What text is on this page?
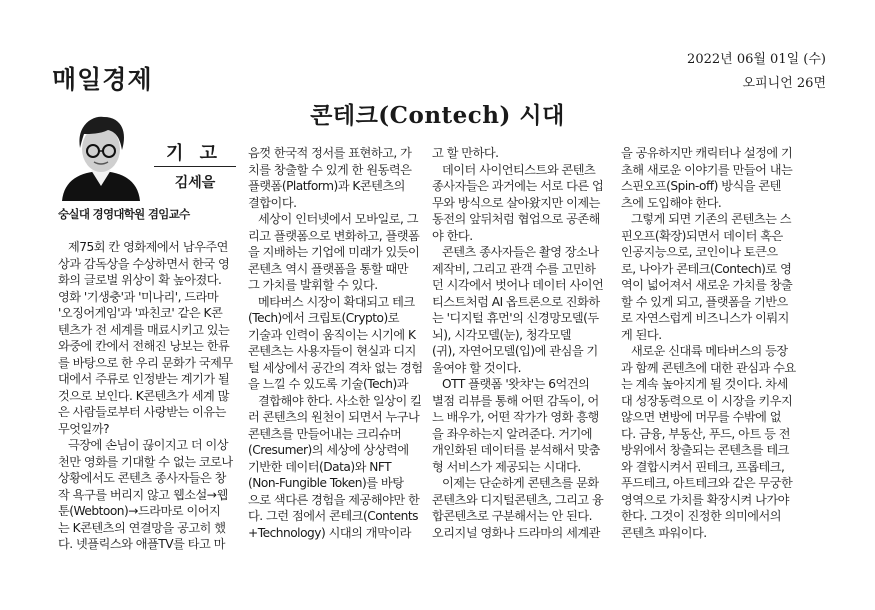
매일경제
2022년 06월 01일 (수)
오피니언 26면
콘테크(Contech) 시대
기 고
김세을
숭실대 경영대학원 겸임교수
제75회 칸 영화제에서 남우주연
상과 감독상을 수상하면서 한국 영
화의 글로벌 위상이 확 높아졌다.
영화 '기생충'과 '미나리', 드라마
'오징어게임'과 '파친코' 같은 K콘
텐츠가 전 세계를 매료시키고 있는
와중에 칸에서 전해진 낭보는 한류
를 바탕으로 한 우리 문화가 국제무
대에서 주류로 인정받는 계기가 될
것으로 보인다. K콘텐츠가 세계 많
은 사람들로부터 사랑받는 이유는
무엇일까?
극장에 손님이 끊이지고 더 이상
천만 영화를 기대할 수 없는 코로나
상황에서도 콘텐츠 종사자들은 창
작 욕구를 버리지 않고 웹소설→웹
툰(Webtoon)→드라마로 이어지
는 K콘텐츠의 연결망을 공고히 했
다. 넷플릭스와 애플TV를 타고 마
음껏 한국적 정서를 표현하고, 가
치를 창출할 수 있게 한 원동력은
플랫폼(Platform)과 K콘텐츠의
결합이다.
세상이 인터넷에서 모바일로, 그
리고 플랫폼으로 변화하고, 플랫폼
을 지배하는 기업에 미래가 있듯이
콘텐츠 역시 플랫폼을 통할 때만
그 가치를 발휘할 수 있다.
메타버스 시장이 확대되고 테크
(Tech)에서 크립토(Crypto)로
기술과 인력이 움직이는 시기에 K
콘텐츠는 사용자들이 현실과 디지
털 세상에서 공간의 격차 없는 경험
을 느낄 수 있도록 기술(Tech)과
결합해야 한다. 사소한 일상이 킬
러 콘텐츠의 원천이 되면서 누구나
콘텐츠를 만들어내는 크리슈머
(Cresumer)의 세상에 상상력에
기반한 데이터(Data)와 NFT
(Non-Fungible Token)를 바탕
으로 색다른 경험을 제공해야만 한
다. 그런 점에서 콘테크(Contents
+Technology) 시대의 개막이라
고 할 만하다.
데이터 사이언티스트와 콘텐츠
종사자들은 과거에는 서로 다른 업
무와 방식으로 살아왔지만 이제는
동전의 앞뒤처럼 협업으로 공존해
야 한다.
콘텐츠 종사자들은 촬영 장소나
제작비, 그리고 관객 수를 고민하
던 시각에서 벗어나 데이터 사이언
티스트처럼 AI 옵트론으로 진화하
는 '디지털 휴먼'의 신경망모델(두
뇌), 시각모델(눈), 청각모델
(귀), 자연어모델(입)에 관심을 기
울여야 할 것이다.
OTT 플랫폼 '왓챠'는 6억건의
별점 리뷰를 통해 어떤 감독이, 어
느 배우가, 어떤 작가가 영화 흥행
을 좌우하는지 알려준다. 거기에
개인화된 데이터를 분석해서 맞춤
형 서비스가 제공되는 시대다.
이제는 단순하게 콘텐츠를 문화
콘텐츠와 디지털콘텐츠, 그리고 융
합콘텐츠로 구분해서는 안 된다.
오리지널 영화나 드라마의 세계관
을 공유하지만 캐릭터나 설정에 기
초해 새로운 이야기를 만들어 내는
스핀오프(Spin-off) 방식을 콘텐
츠에 도입해야 한다.
그렇게 되면 기존의 콘텐츠는 스
핀오프(확장)되면서 데이터 혹은
인공지능으로, 코인이나 토큰으
로, 나아가 콘테크(Contech)로 영
역이 넓어져서 새로운 가치를 창출
할 수 있게 되고, 플랫폼을 기반으
로 자연스럽게 비즈니스가 이뤄지
게 된다.
새로운 신대륙 메타버스의 등장
과 함께 콘텐츠에 대한 관심과 수요
는 계속 높아지게 될 것이다. 차세
대 성장동력으로 이 시장을 키우지
않으면 변방에 머무를 수밖에 없
다. 금융, 부동산, 푸드, 아트 등 전
방위에서 창출되는 콘텐츠를 테크
와 결합시켜서 핀테크, 프롭테크,
푸드테크, 아트테크와 같은 무궁한
영역으로 가치를 확장시켜 나가야
한다. 그것이 진정한 의미에서의
콘텐츠 파워이다.
